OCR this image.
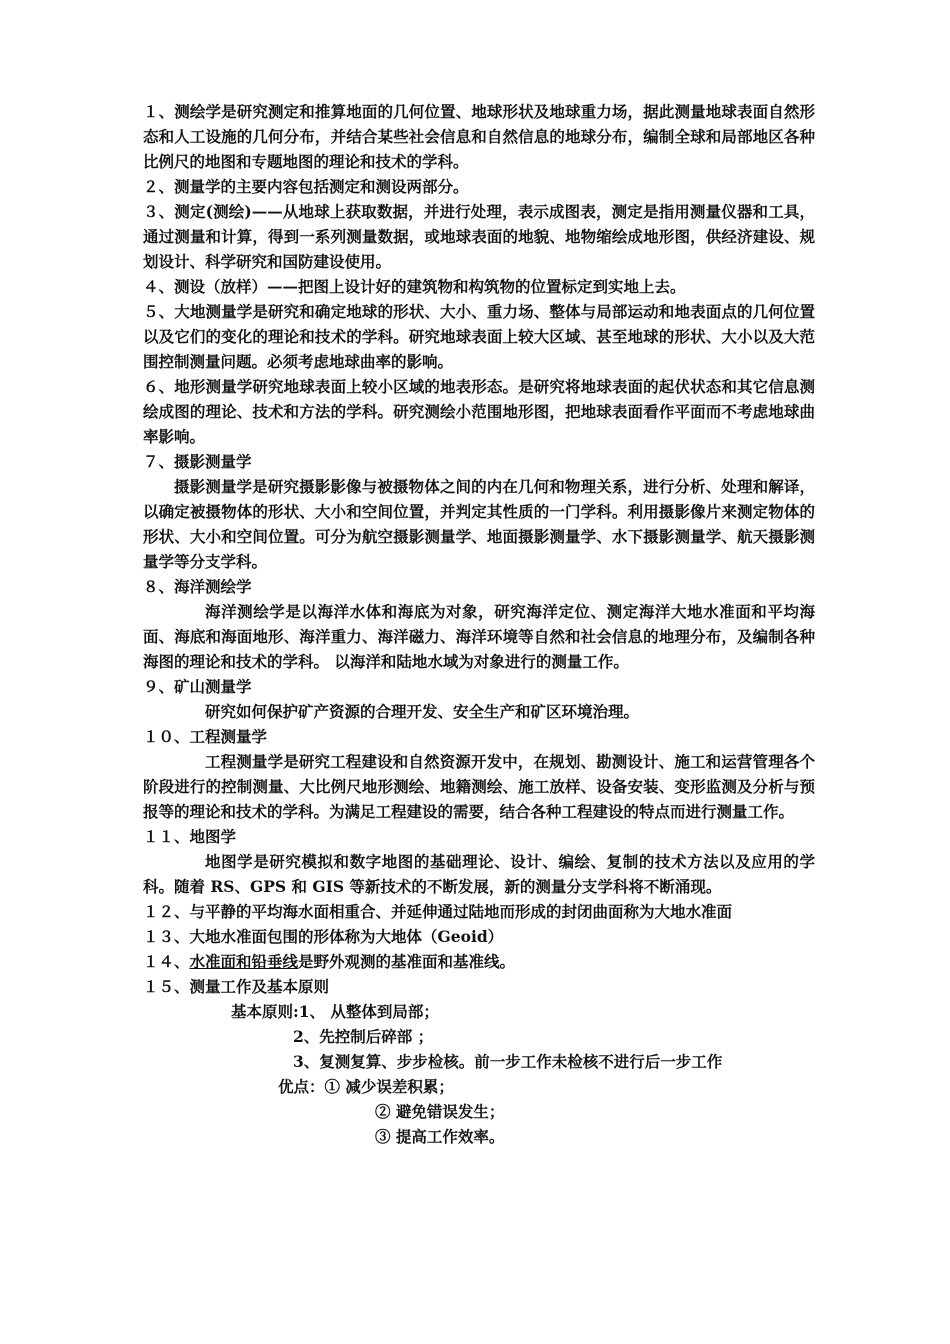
１、测绘学是研究测定和推算地面的几何位置、地球形状及地球重力场，据此测量地球表面自然形态和人工设施的几何分布，并结合某些社会信息和自然信息的地球分布，编制全球和局部地区各种比例尺的地图和专题地图的理论和技术的学科。

２、测量学的主要内容包括测定和测设两部分。

３、测定(测绘)——从地球上获取数据，并进行处理，表示成图表，测定是指用测量仪器和工具，通过测量和计算，得到一系列测量数据，或地球表面的地貌、地物缩绘成地形图，供经济建设、规划设计、科学研究和国防建设使用。

４、测设（放样）——把图上设计好的建筑物和构筑物的位置标定到实地上去。

５、大地测量学是研究和确定地球的形状、大小、重力场、整体与局部运动和地表面点的几何位置以及它们的变化的理论和技术的学科。研究地球表面上较大区域、甚至地球的形状、大小以及大范围控制测量问题。必须考虑地球曲率的影响。

６、地形测量学研究地球表面上较小区域的地表形态。是研究将地球表面的起伏状态和其它信息测绘成图的理论、技术和方法的学科。研究测绘小范围地形图，把地球表面看作平面而不考虑地球曲率影响。

７、摄影测量学

摄影测量学是研究摄影影像与被摄物体之间的内在几何和物理关系，进行分析、处理和解译，以确定被摄物体的形状、大小和空间位置，并判定其性质的一门学科。利用摄影像片来测定物体的形状、大小和空间位置。可分为航空摄影测量学、地面摄影测量学、水下摄影测量学、航天摄影测量学等分支学科。

８、海洋测绘学

海洋测绘学是以海洋水体和海底为对象，研究海洋定位、测定海洋大地水准面和平均海面、海底和海面地形、海洋重力、海洋磁力、海洋环境等自然和社会信息的地理分布，及编制各种海图的理论和技术的学科。 以海洋和陆地水域为对象进行的测量工作。

９、矿山测量学

研究如何保护矿产资源的合理开发、安全生产和矿区环境治理。

１０、工程测量学

工程测量学是研究工程建设和自然资源开发中，在规划、勘测设计、施工和运营管理各个阶段进行的控制测量、大比例尺地形测绘、地籍测绘、施工放样、设备安装、变形监测及分析与预报等的理论和技术的学科。为满足工程建设的需要，结合各种工程建设的特点而进行测量工作。

１１、地图学

地图学是研究模拟和数字地图的基础理论、设计、编绘、复制的技术方法以及应用的学科。随着 RS、GPS 和 GIS 等新技术的不断发展，新的测量分支学科将不断涌现。

１２、与平静的平均海水面相重合、并延伸通过陆地而形成的封闭曲面称为大地水准面

１３、大地水准面包围的形体称为大地体（Geoid）

１４、水准面和铅垂线是野外观测的基准面和基准线。

１５、测量工作及基本原则

基本原则:1、 从整体到局部；

2、先控制后碎部 ；

3、复测复算、步步检核。前一步工作未检核不进行后一步工作

优点：① 减少误差积累；

② 避免错误发生；

③ 提高工作效率。
